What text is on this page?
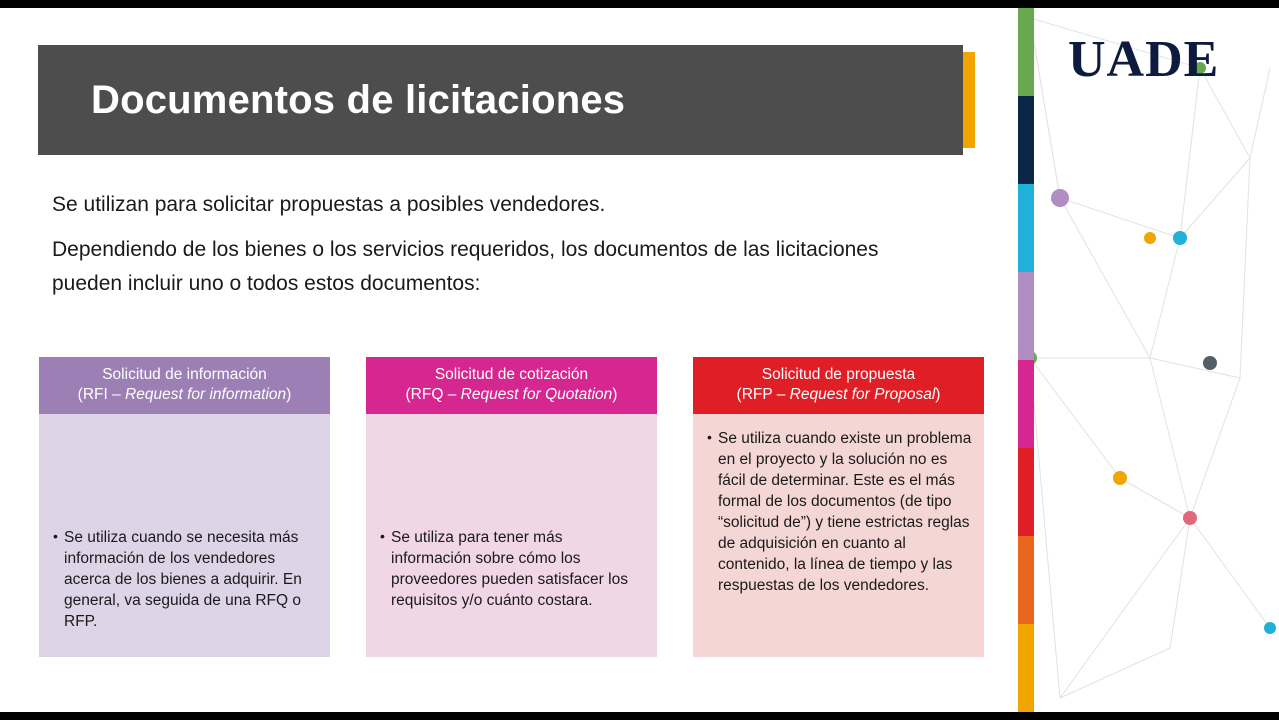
Documentos de licitaciones
Se utilizan para solicitar propuestas a posibles vendedores.
Dependiendo de los bienes o los servicios requeridos, los documentos de las licitaciones pueden incluir uno o todos estos documentos:
Solicitud de información
(RFI – Request for information)
• Se utiliza cuando se necesita más información de los vendedores acerca de los bienes a adquirir. En general, va seguida de una RFQ o RFP.
Solicitud de cotización
(RFQ – Request for Quotation)
• Se utiliza para tener más información sobre cómo los proveedores pueden satisfacer los requisitos y/o cuánto costara.
Solicitud de propuesta
(RFP – Request for Proposal)
• Se utiliza cuando existe un problema en el proyecto y la solución no es fácil de determinar. Este es el más formal de los documentos (de tipo “solicitud de”) y tiene estrictas reglas de adquisición en cuanto al contenido, la línea de tiempo y las respuestas de los vendedores.
UADE
